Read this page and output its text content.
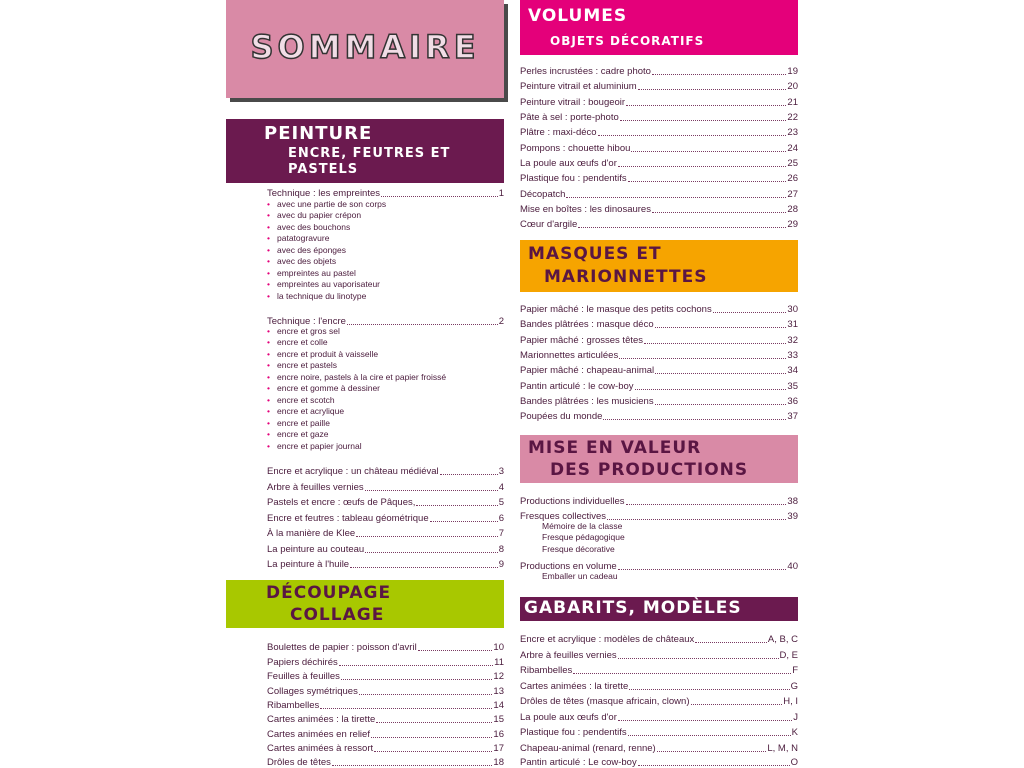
SOMMAIRE
PEINTURE
ENCRE, FEUTRES ET
PASTELS
Technique : les empreintes	1
• avec une partie de son corps
• avec du papier crépon
• avec des bouchons
• patatogravure
• avec des éponges
• avec des objets
• empreintes au pastel
• empreintes au vaporisateur
• la technique du linotype
Technique : l'encre	2
• encre et gros sel
• encre et colle
• encre et produit à vaisselle
• encre et pastels
• encre noire, pastels à la cire et papier froissé
• encre et gomme à dessiner
• encre et scotch
• encre et acrylique
• encre et paille
• encre et gaze
• encre et papier journal
Encre et acrylique : un château médiéval	3
Arbre à feuilles vernies	4
Pastels et encre : œufs de Pâques,	5
Encre et feutres : tableau géométrique	6
À la manière de Klee	7
La peinture au couteau	8
La peinture à l'huile	9
DÉCOUPAGE
COLLAGE
Boulettes de papier : poisson d'avril	10
Papiers déchirés	11
Feuilles à feuilles	12
Collages symétriques	13
Ribambelles	14
Cartes animées : la tirette	15
Cartes animées en relief	16
Cartes animées à ressort	17
Drôles de têtes	18
VOLUMES
OBJETS DÉCORATIFS
Perles incrustées : cadre photo	19
Peinture vitrail et aluminium	20
Peinture vitrail : bougeoir	21
Pâte à sel : porte-photo	22
Plâtre : maxi-déco	23
Pompons : chouette hibou	24
La poule aux œufs d'or	25
Plastique fou : pendentifs	26
Décopatch	27
Mise en boîtes : les dinosaures	28
Cœur d'argile	29
MASQUES ET
MARIONNETTES
Papier mâché : le masque des petits cochons	30
Bandes plâtrées : masque déco	31
Papier mâché : grosses têtes	32
Marionnettes articulées	33
Papier mâché : chapeau-animal	34
Pantin articulé : le cow-boy	35
Bandes plâtrées : les musiciens	36
Poupées du monde	37
MISE EN VALEUR
DES PRODUCTIONS
Productions individuelles	38
Fresques collectives	39
Mémoire de la classe
Fresque pédagogique
Fresque décorative
Productions en volume	40
Emballer un cadeau
GABARITS, MODÈLES
Encre et acrylique : modèles de châteaux	A, B, C
Arbre à feuilles vernies	D, E
Ribambelles	F
Cartes animées : la tirette	G
Drôles de têtes (masque africain, clown)	H, I
La poule aux œufs d'or	J
Plastique fou : pendentifs	K
Chapeau-animal (renard, renne)	L, M, N
Pantin articulé : Le cow-boy	O
